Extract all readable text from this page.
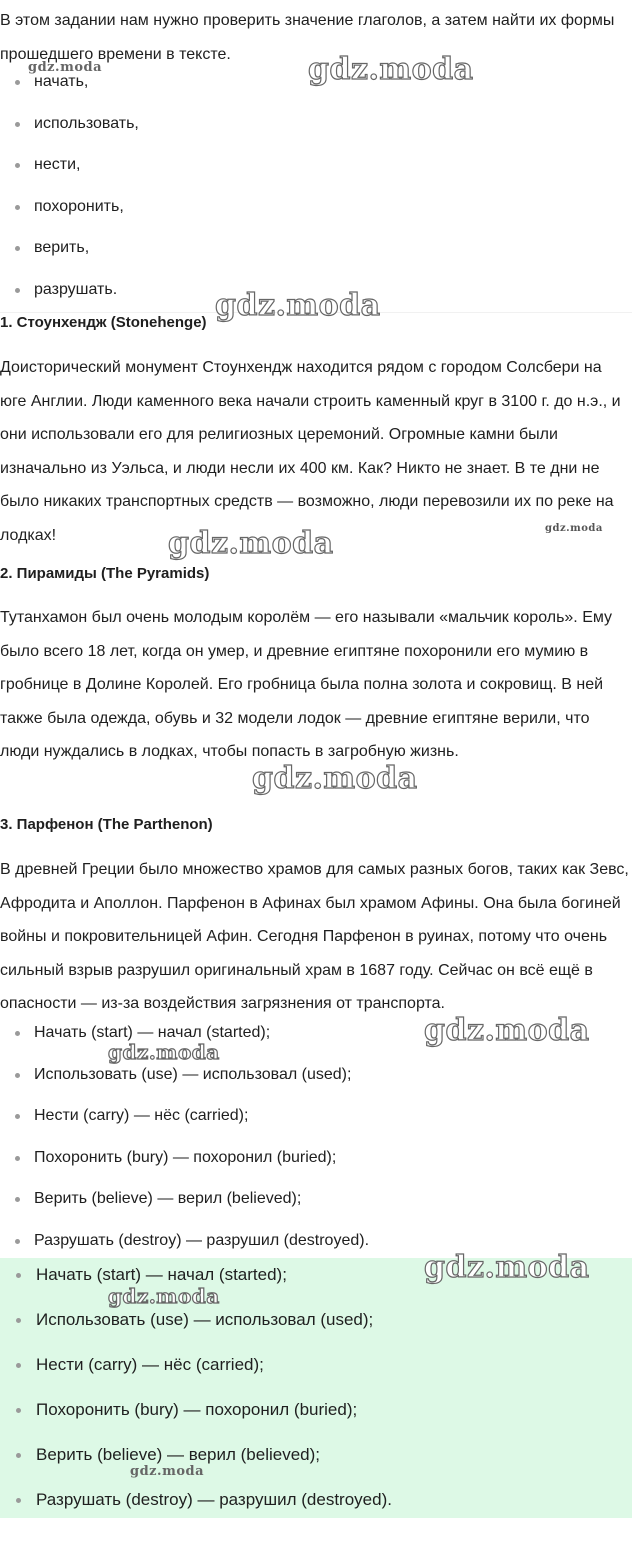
В этом задании нам нужно проверить значение глаголов, а затем найти их формы прошедшего времени в тексте.

начать,
использовать,
нести,
похоронить,
верить,
разрушать.
1. Стоунхендж (Stonehenge)

Доисторический монумент Стоунхендж находится рядом с городом Солсбери на юге Англии. Люди каменного века начали строить каменный круг в 3100 г. до н.э., и они использовали его для религиозных церемоний. Огромные камни были изначально из Уэльса, и люди несли их 400 км. Как? Никто не знает. В те дни не было никаких транспортных средств — возможно, люди перевозили их по реке на лодках!

2. Пирамиды (The Pyramids)

Тутанхамон был очень молодым королём — его называли «мальчик король». Ему было всего 18 лет, когда он умер, и древние египтяне похоронили его мумию в гробнице в Долине Королей. Его гробница была полна золота и сокровищ. В ней также была одежда, обувь и 32 модели лодок — древние египтяне верили, что люди нуждались в лодках, чтобы попасть в загробную жизнь.

3. Парфенон (The Parthenon)

В древней Греции было множество храмов для самых разных богов, таких как Зевс, Афродита и Аполлон. Парфенон в Афинах был храмом Афины. Она была богиней войны и покровительницей Афин. Сегодня Парфенон в руинах, потому что очень сильный взрыв разрушил оригинальный храм в 1687 году. Сейчас он всё ещё в опасности — из-за воздействия загрязнения от транспорта.

Начать (start) — начал (started);
Использовать (use) — использовал (used);
Нести (carry) — нёс (carried);
Похоронить (bury) — похоронил (buried);
Верить (believe) — верил (believed);
Разрушать (destroy) — разрушил (destroyed).
Начать (start) — начал (started);
Использовать (use) — использовал (used);
Нести (carry) — нёс (carried);
Похоронить (bury) — похоронил (buried);
Верить (believe) — верил (believed);
Разрушать (destroy) — разрушил (destroyed).
gdz.moda
gdz.moda
gdz.moda
gdz.moda
gdz.moda
gdz.moda
gdz.moda
gdz.moda
gdz.moda
gdz.moda
gdz.moda
